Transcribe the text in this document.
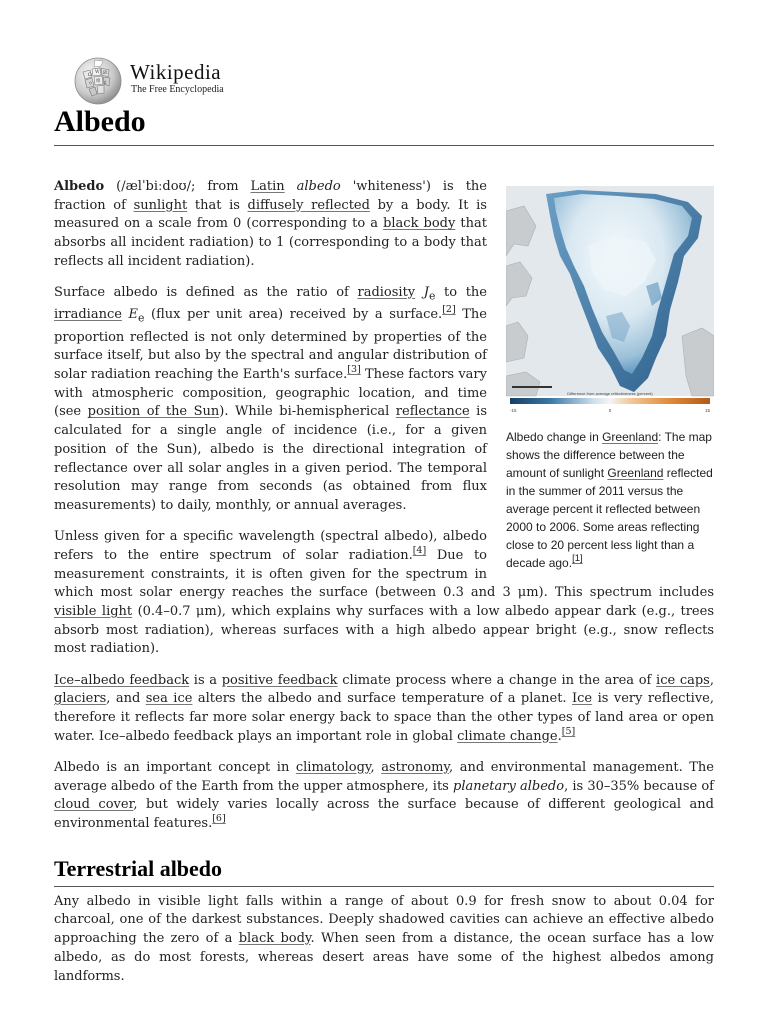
Ω
W И
維
ウ	ع Wikipedia
The Free Encyclopedia
Albedo
Difference from average reflectiveness (percent)
-15	0	15
Albedo change in Greenland: The map shows the difference between the amount of sunlight Greenland reflected in the summer of 2011 versus the average percent it reflected between 2000 to 2006. Some areas reflecting close to 20 percent less light than a decade ago.[1]

Albedo (/ælˈbiːdoʊ/; from Latin albedo 'whiteness') is the fraction of sunlight that is diffusely reflected by a body. It is measured on a scale from 0 (corresponding to a black body that absorbs all incident radiation) to 1 (corresponding to a body that reflects all incident radiation).

Surface albedo is defined as the ratio of radiosity $J_e$ to the irradiance $E_e$ (flux per unit area) received by a surface.[2] The proportion reflected is not only determined by properties of the surface itself, but also by the spectral and angular distribution of solar radiation reaching the Earth's surface.[3] These factors vary with atmospheric composition, geographic location, and time (see position of the Sun). While bi-hemispherical reflectance is calculated for a single angle of incidence (i.e., for a given position of the Sun), albedo is the directional integration of reflectance over all solar angles in a given period. The temporal resolution may range from seconds (as obtained from flux measurements) to daily, monthly, or annual averages.

Unless given for a specific wavelength (spectral albedo), albedo refers to the entire spectrum of solar radiation.[4] Due to measurement constraints, it is often given for the spectrum in which most solar energy reaches the surface (between 0.3 and 3 μm). This spectrum includes visible light (0.4–0.7 μm), which explains why surfaces with a low albedo appear dark (e.g., trees absorb most radiation), whereas surfaces with a high albedo appear bright (e.g., snow reflects most radiation).

Ice–albedo feedback is a positive feedback climate process where a change in the area of ice caps, glaciers, and sea ice alters the albedo and surface temperature of a planet. Ice is very reflective, therefore it reflects far more solar energy back to space than the other types of land area or open water. Ice–albedo feedback plays an important role in global climate change.[5]

Albedo is an important concept in climatology, astronomy, and environmental management. The average albedo of the Earth from the upper atmosphere, its planetary albedo, is 30–35% because of cloud cover, but widely varies locally across the surface because of different geological and environmental features.[6]

Terrestrial albedo

Any albedo in visible light falls within a range of about 0.9 for fresh snow to about 0.04 for charcoal, one of the darkest substances. Deeply shadowed cavities can achieve an effective albedo approaching the zero of a black body. When seen from a distance, the ocean surface has a low albedo, as do most forests, whereas desert areas have some of the highest albedos among landforms.
